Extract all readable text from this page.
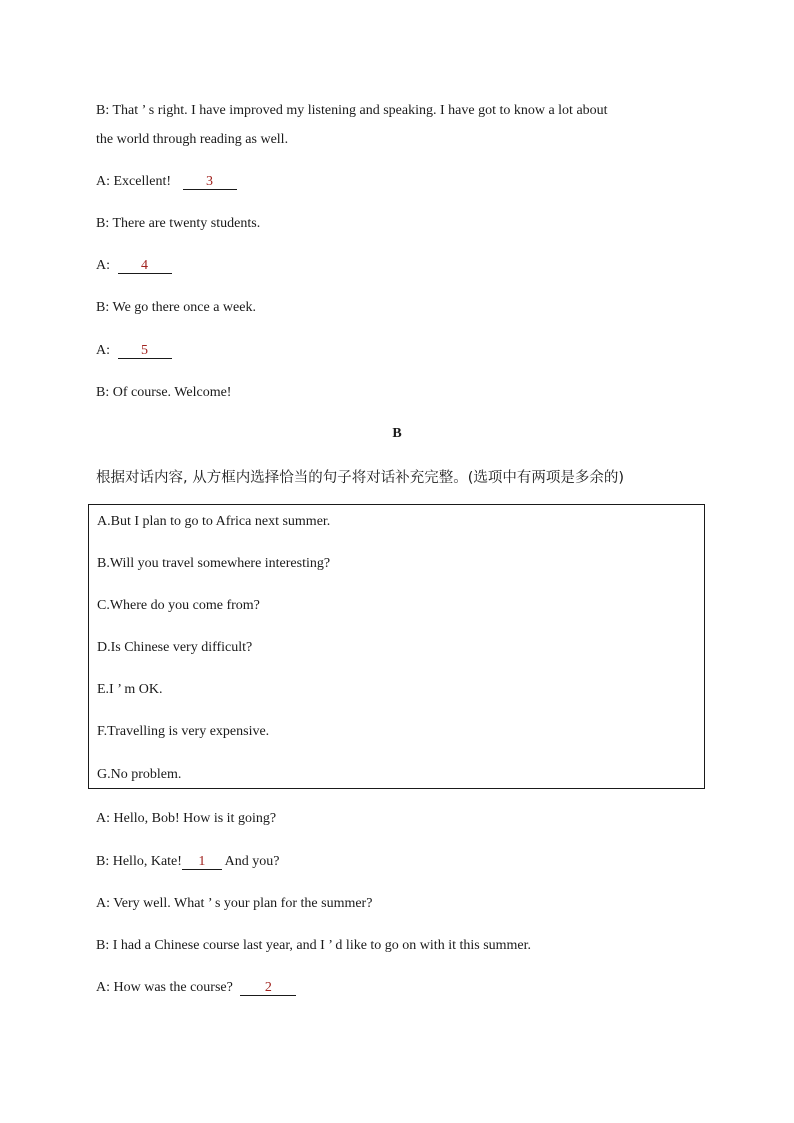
B: That ’ s right. I have improved my listening and speaking. I have got to know a lot about
the world through reading as well.
A: Excellent!	3
B: There are twenty students.
A: 4
B: We go there once a week.
A: 5
B: Of course. Welcome!
B
根据对话内容, 从方框内选择恰当的句子将对话补充完整。(选项中有两项是多余的)
A.But I plan to go to Africa next summer.
B.Will you travel somewhere interesting?
C.Where do you come from?
D.Is Chinese very difficult?
E.I ’ m OK.
F.Travelling is very expensive.
G.No problem.
A: Hello, Bob! How is it going?
B: Hello, Kate! 1 And you?
A: Very well. What ’ s your plan for the summer?
B: I had a Chinese course last year, and I ’ d like to go on with it this summer.
A: How was the course? 2
